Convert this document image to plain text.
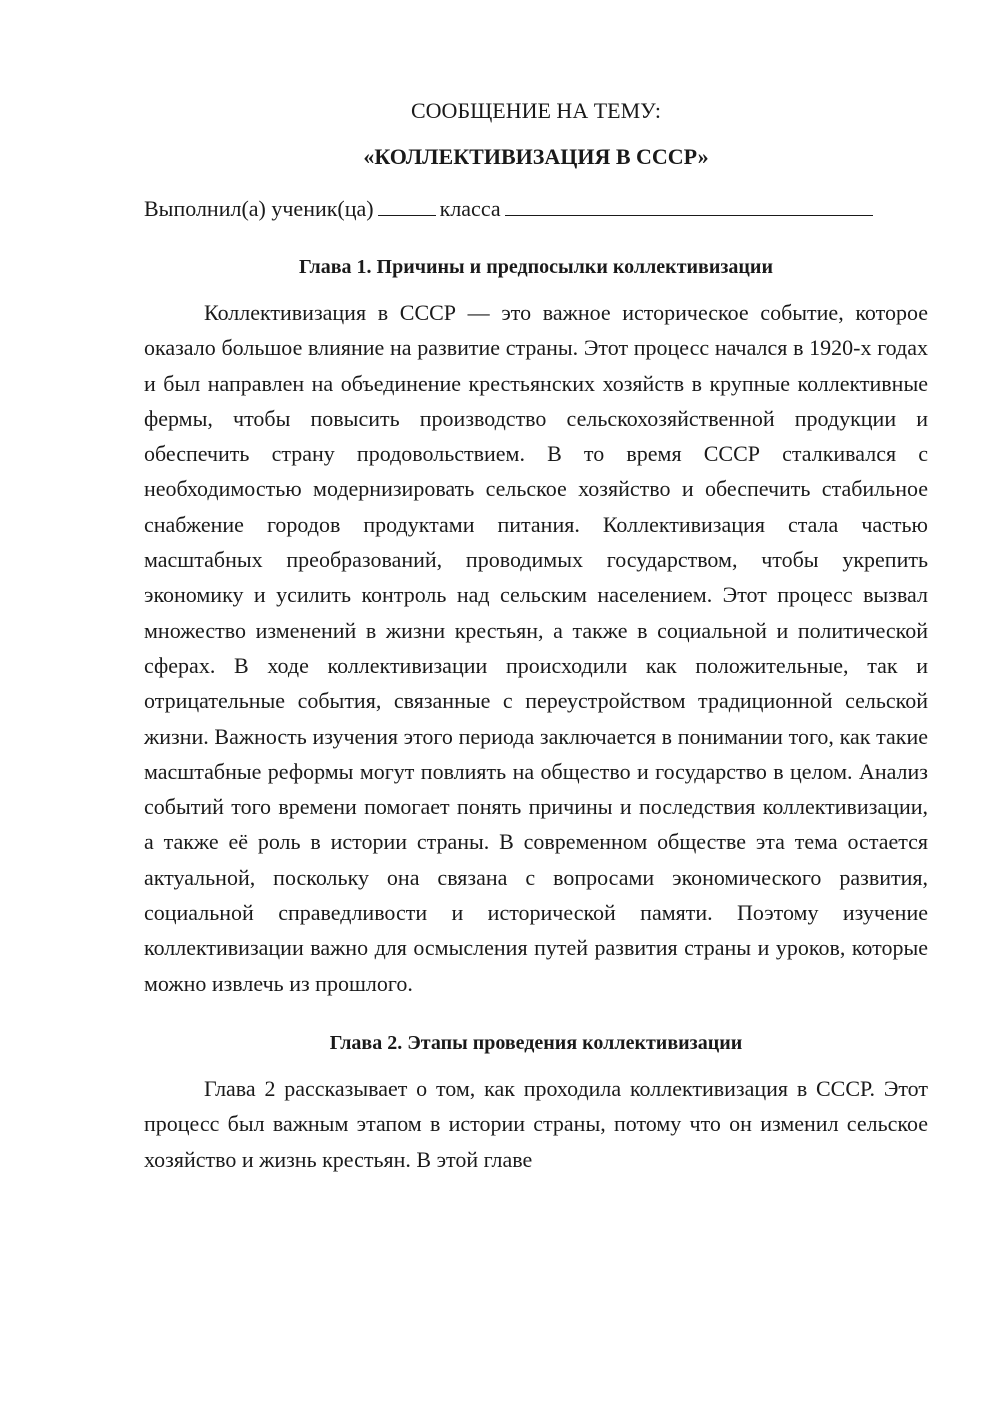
СООБЩЕНИЕ НА ТЕМУ:

«КОЛЛЕКТИВИЗАЦИЯ В СССР»

Выполнил(а) ученик(ца)	класса
Глава 1. Причины и предпосылки коллективизации

Коллективизация в СССР — это важное историческое событие, которое оказало большое влияние на развитие страны. Этот процесс начался в 1920-х годах и был направлен на объединение крестьянских хозяйств в крупные коллективные фермы, чтобы повысить производство сельскохозяйственной продукции и обеспечить страну продовольствием. В то время СССР сталкивался с необходимостью модернизировать сельское хозяйство и обеспечить стабильное снабжение городов продуктами питания. Коллективизация стала частью масштабных преобразований, проводимых государством, чтобы укрепить экономику и усилить контроль над сельским населением. Этот процесс вызвал множество изменений в жизни крестьян, а также в социальной и политической сферах. В ходе коллективизации происходили как положительные, так и отрицательные события, связанные с переустройством традиционной сельской жизни. Важность изучения этого периода заключается в понимании того, как такие масштабные реформы могут повлиять на общество и государство в целом. Анализ событий того времени помогает понять причины и последствия коллективизации, а также её роль в истории страны. В современном обществе эта тема остается актуальной, поскольку она связана с вопросами экономического развития, социальной справедливости и исторической памяти. Поэтому изучение коллективизации важно для осмысления путей развития страны и уроков, которые можно извлечь из прошлого.

Глава 2. Этапы проведения коллективизации

Глава 2 рассказывает о том, как проходила коллективизация в СССР. Этот процесс был важным этапом в истории страны, потому что он изменил сельское хозяйство и жизнь крестьян. В этой главе
